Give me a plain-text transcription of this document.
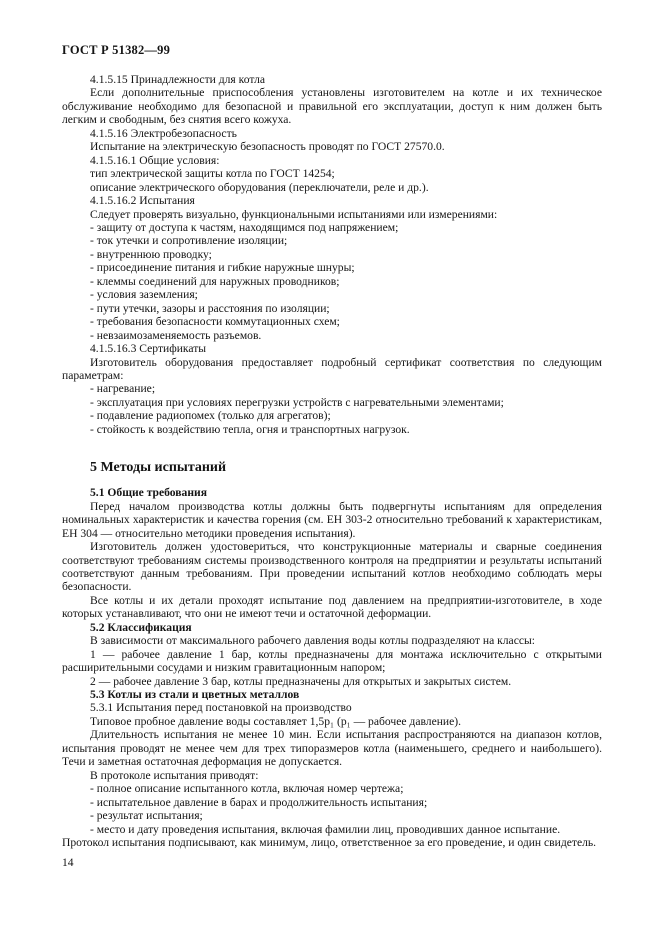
ГОСТ Р 51382—99

4.1.5.15 Принадлежности для котла

Если дополнительные приспособления установлены изготовителем на котле и их техническое обслуживание необходимо для безопасной и правильной его эксплуатации, доступ к ним должен быть легким и свободным, без снятия всего кожуха.

4.1.5.16 Электробезопасность

Испытание на электрическую безопасность проводят по ГОСТ 27570.0.

4.1.5.16.1 Общие условия:

тип электрической защиты котла по ГОСТ 14254;

описание электрического оборудования (переключатели, реле и др.).

4.1.5.16.2 Испытания

Следует проверять визуально, функциональными испытаниями или измерениями:

- защиту от доступа к частям, находящимся под напряжением;

- ток утечки и сопротивление изоляции;

- внутреннюю проводку;

- присоединение питания и гибкие наружные шнуры;

- клеммы соединений для наружных проводников;

- условия заземления;

- пути утечки, зазоры и расстояния по изоляции;

- требования безопасности коммутационных схем;

- невзаимозаменяемость разъемов.

4.1.5.16.3 Сертификаты

Изготовитель оборудования предоставляет подробный сертификат соответствия по следующим параметрам:

- нагревание;

- эксплуатация при условиях перегрузки устройств с нагревательными элементами;

- подавление радиопомех (только для агрегатов);

- стойкость к воздействию тепла, огня и транспортных нагрузок.

5 Методы испытаний

5.1 Общие требования

Перед началом производства котлы должны быть подвергнуты испытаниям для определения номинальных характеристик и качества горения (см. ЕН 303-2 относительно требований к характеристикам, ЕН 304 — относительно методики проведения испытания).

Изготовитель должен удостовериться, что конструкционные материалы и сварные соединения соответствуют требованиям системы производственного контроля на предприятии и результаты испытаний соответствуют данным требованиям. При проведении испытаний котлов необходимо соблюдать меры безопасности.

Все котлы и их детали проходят испытание под давлением на предприятии-изготовителе, в ходе которых устанавливают, что они не имеют течи и остаточной деформации.

5.2 Классификация

В зависимости от максимального рабочего давления воды котлы подразделяют на классы:

1 — рабочее давление 1 бар, котлы предназначены для монтажа исключительно с открытыми расширительными сосудами и низким гравитационным напором;

2 — рабочее давление 3 бар, котлы предназначены для открытых и закрытых систем.

5.3 Котлы из стали и цветных металлов

5.3.1 Испытания перед постановкой на производство

Типовое пробное давление воды составляет 1,5p₁ (p₁ — рабочее давление).

Длительность испытания не менее 10 мин. Если испытания распространяются на диапазон котлов, испытания проводят не менее чем для трех типоразмеров котла (наименьшего, среднего и наибольшего). Течи и заметная остаточная деформация не допускается.

В протоколе испытания приводят:

- полное описание испытанного котла, включая номер чертежа;

- испытательное давление в барах и продолжительность испытания;

- результат испытания;

- место и дату проведения испытания, включая фамилии лиц, проводивших данное испытание.

Протокол испытания подписывают, как минимум, лицо, ответственное за его проведение, и один свидетель.

14
